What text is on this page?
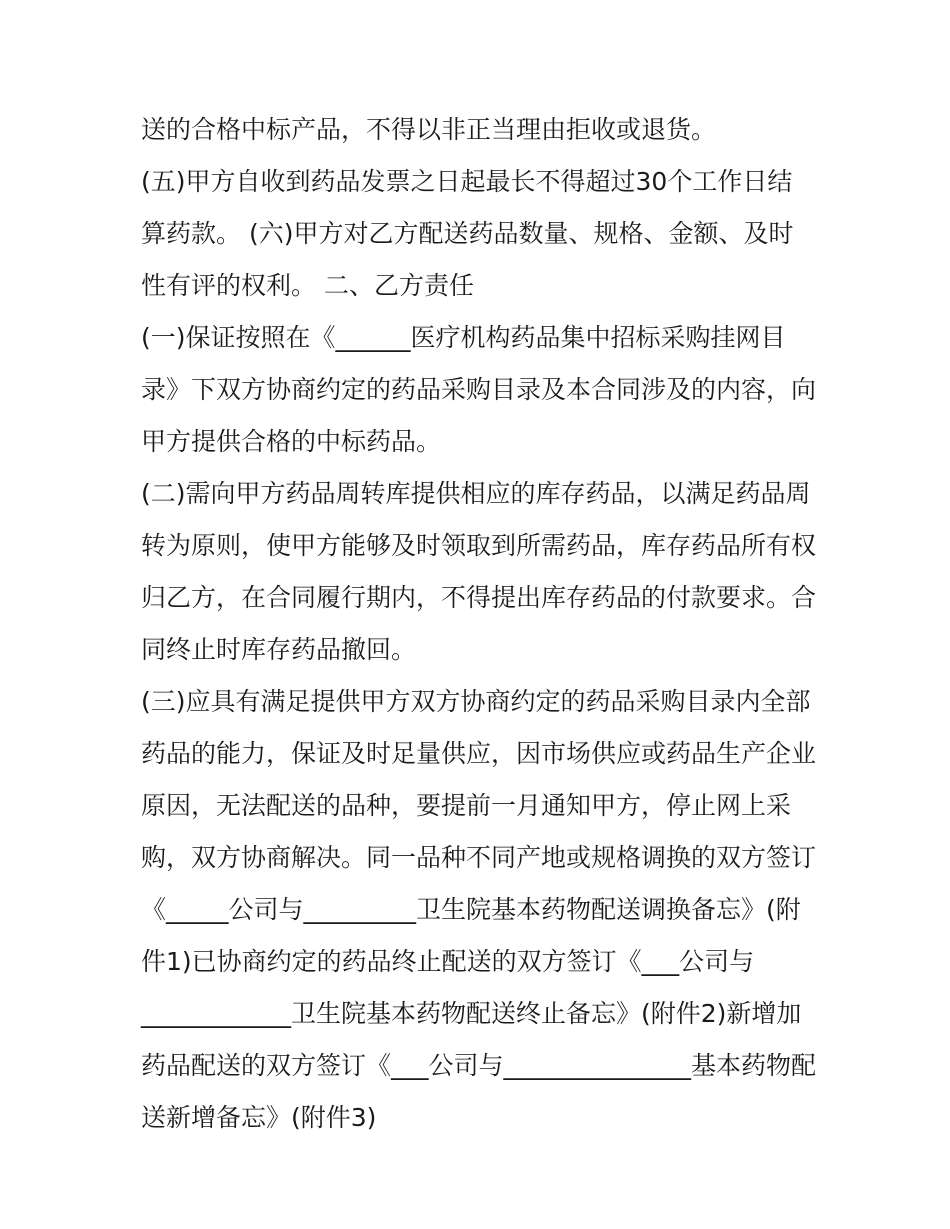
送的合格中标产品，不得以非正当理由拒收或退货。
(五)甲方自收到药品发票之日起最长不得超过30个工作日结
算药款。 (六)甲方对乙方配送药品数量、规格、金额、及时
性有评的权利。 二、乙方责任
(一)保证按照在《______医疗机构药品集中招标采购挂网目
录》下双方协商约定的药品采购目录及本合同涉及的内容，向
甲方提供合格的中标药品。
(二)需向甲方药品周转库提供相应的库存药品，以满足药品周
转为原则，使甲方能够及时领取到所需药品，库存药品所有权
归乙方，在合同履行期内，不得提出库存药品的付款要求。合
同终止时库存药品撤回。
(三)应具有满足提供甲方双方协商约定的药品采购目录内全部
药品的能力，保证及时足量供应，因市场供应或药品生产企业
原因，无法配送的品种，要提前一月通知甲方，停止网上采
购，双方协商解决。同一品种不同产地或规格调换的双方签订
《_____公司与_________卫生院基本药物配送调换备忘》(附
件1)已协商约定的药品终止配送的双方签订《___公司与
____________卫生院基本药物配送终止备忘》(附件2)新增加
药品配送的双方签订《___公司与_______________基本药物配
送新增备忘》(附件3)
